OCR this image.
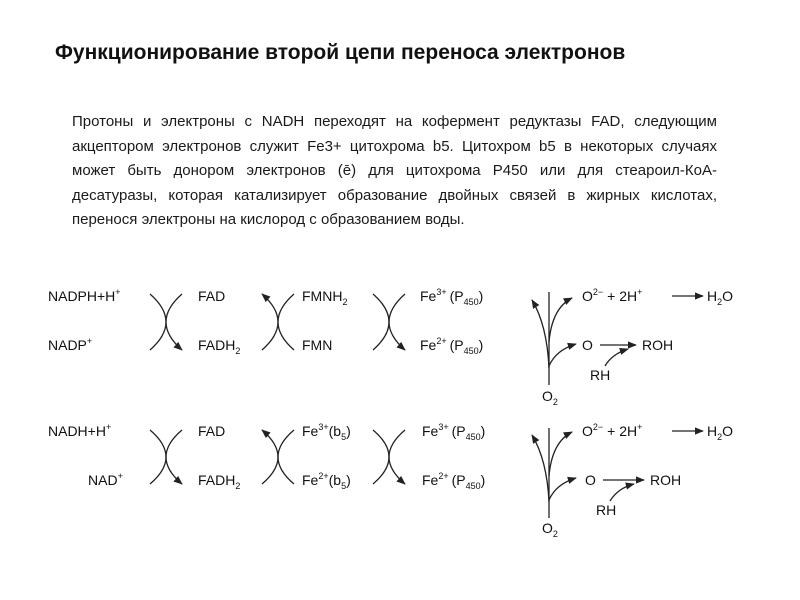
Функционирование второй цепи переноса электронов

Протоны и электроны с NADH переходят на кофермент редуктазы FAD, следующим акцептором электронов служит Fe3+ цитохрома b5. Цитохром b5 в некоторых случаях может быть донором электронов (ē) для цитохрома Р450 или для стеароил-КоА-десатуразы, которая катализирует образование двойных связей в жирных кислотах, перенося электроны на кислород с образованием воды.

NADPH+H+
NADP+
FAD
$FADH_2$
$FMNH_2$
FMN
$Fe^{3+}$ $(P_{450})$
$Fe^{2+}$ $(P_{450})$
$O^{2-} + 2H^+$	$H_2O$
O	ROH
RH
$O_2$
NADH+H+
NAD+
FAD
$FADH_2$
$Fe^{3+}(b_5)$
$Fe^{2+}(b_5)$
$Fe^{3+}$ $(P_{450})$
$Fe^{2+}$ $(P_{450})$
$O^{2-} + 2H^+$	$H_2O$
O	ROH
RH
$O_2$
